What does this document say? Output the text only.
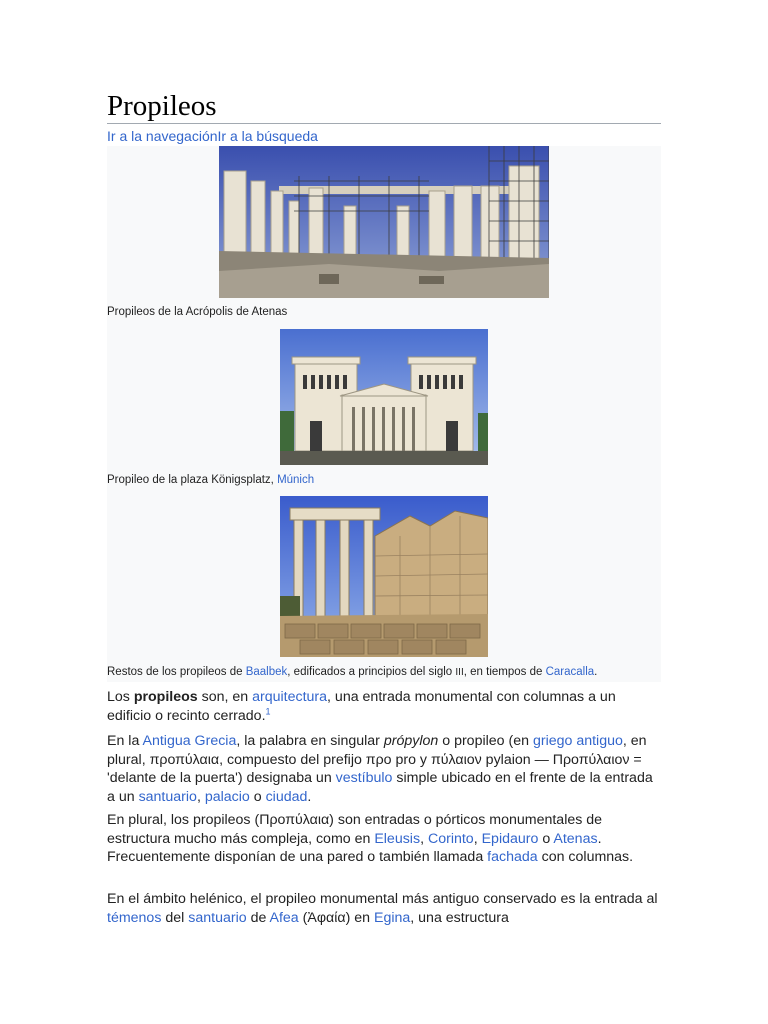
Propileos
Ir a la navegaciónIr a la búsqueda
Propileos de la Acrópolis de Atenas
Propileo de la plaza Königsplatz, Múnich
Restos de los propileos de Baalbek, edificados a principios del siglo III, en tiempos de Caracalla.

Los propileos son, en arquitectura, una entrada monumental con columnas a un edificio o recinto cerrado.$^1$

En la Antigua Grecia, la palabra en singular própylon o propileo (en griego antiguo, en plural, προπύλαια, compuesto del prefijo προ pro y πύλαιον pylaion — Προπύλαιον = 'delante de la puerta') designaba un vestíbulo simple ubicado en el frente de la entrada a un santuario, palacio o ciudad.

En plural, los propileos (Προπύλαια) son entradas o pórticos monumentales de estructura mucho más compleja, como en Eleusis, Corinto, Epidauro o Atenas. Frecuentemente disponían de una pared o también llamada fachada con columnas.

En el ámbito helénico, el propileo monumental más antiguo conservado es la entrada al témenos del santuario de Afea (Ἀφαία) en Egina, una estructura
